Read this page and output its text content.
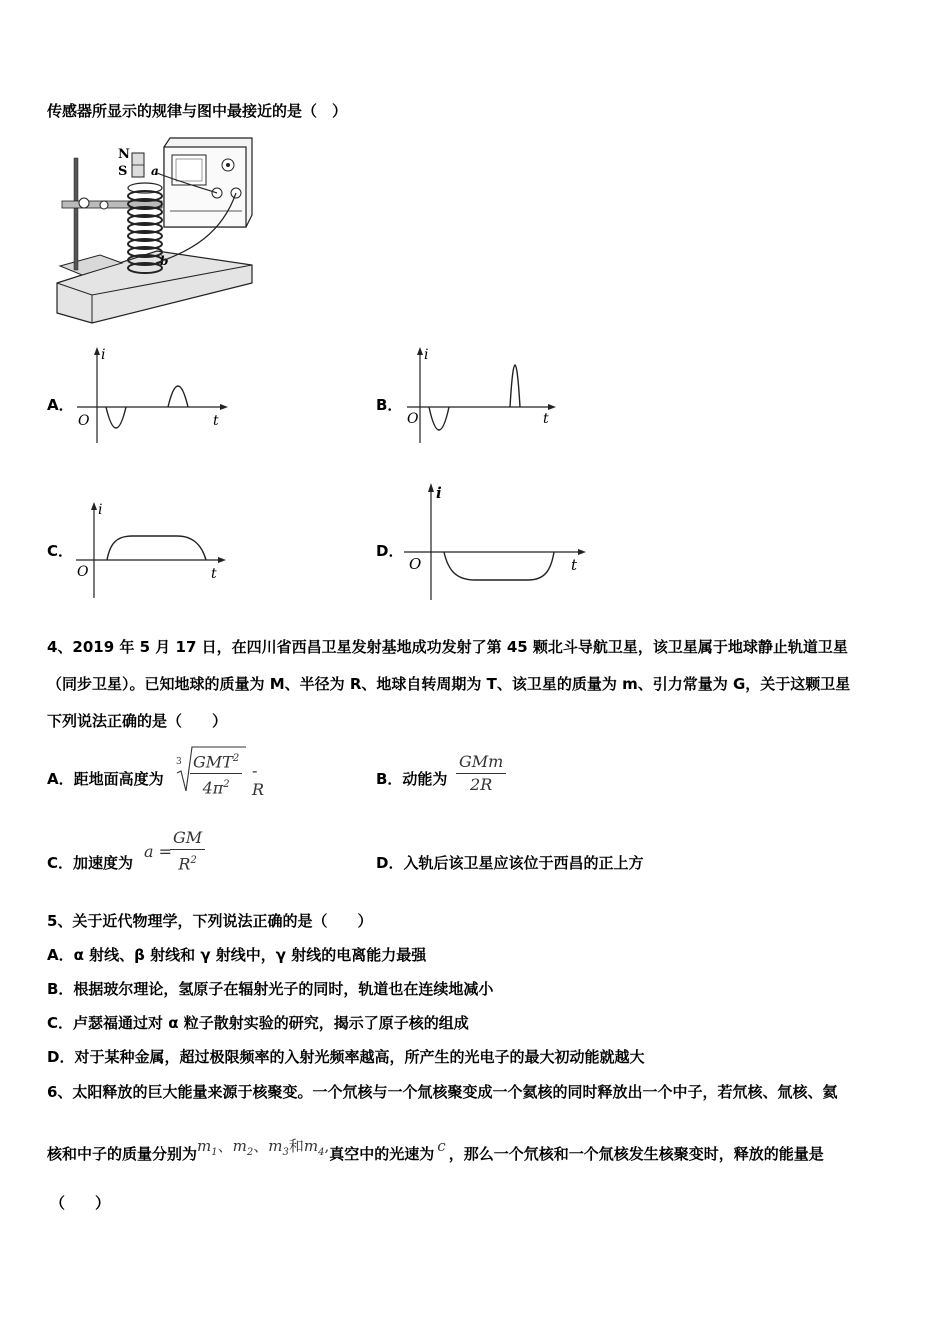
传感器所显示的规律与图中最接近的是（　）
N
S a
b
A．
i
O	t
B．
i
O	t
C．
i
O	t
D．
i
O	t
4、2019 年 5 月 17 日，在四川省西昌卫星发射基地成功发射了第 45 颗北斗导航卫星，该卫星属于地球静止轨道卫星
（同步卫星）。已知地球的质量为 M、半径为 R、地球自转周期为 T、该卫星的质量为 m、引力常量为 G，关于这颗卫星
下列说法正确的是（　　）
A．距地面高度为
3 GMT$^2$
$4\pi^2$
- R
B．动能为
GMm
2R
C．加速度为
a =
$\frac{GM}{R^2}$	D．入轨后该卫星应该位于西昌的正上方
5、关于近代物理学，下列说法正确的是（　　）
A．α 射线、β 射线和 γ 射线中，γ 射线的电离能力最强
B．根据玻尔理论，氢原子在辐射光子的同时，轨道也在连续地减小
C．卢瑟福通过对 α 粒子散射实验的研究，揭示了原子核的组成
D．对于某种金属，超过极限频率的入射光频率越高，所产生的光电子的最大初动能就越大
6、太阳释放的巨大能量来源于核聚变。一个氘核与一个氚核聚变成一个氦核的同时释放出一个中子，若氘核、氚核、氦
核和中子的质量分别为$m_1$、$m_2$、$m_3$和$m_4$,真空中的光速为 c ，那么一个氘核和一个氚核发生核聚变时，释放的能量是
（　　）
